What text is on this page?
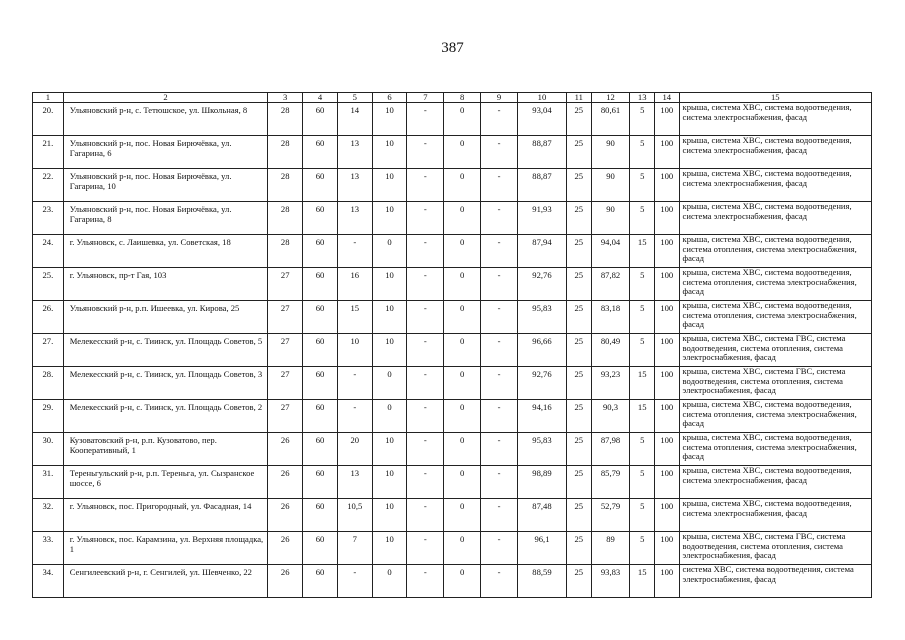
387
1	2	3	4	5	6	7	8	9	10	11	12	13	14	15
20.	Ульяновский р-н, с. Тетюшское, ул. Школьная, 8	28	60	14	10	-	0	-	93,04	25	80,61	5	100	крыша, система ХВС, система водоотведения, система электроснабжения, фасад
21.	Ульяновский р-н, пос. Новая Бирючёвка, ул. Гагарина, 6	28	60	13	10	-	0	-	88,87	25	90	5	100	крыша, система ХВС, система водоотведения, система электроснабжения, фасад
22.	Ульяновский р-н, пос. Новая Бирючёвка, ул. Гагарина, 10	28	60	13	10	-	0	-	88,87	25	90	5	100	крыша, система ХВС, система водоотведения, система электроснабжения, фасад
23.	Ульяновский р-н, пос. Новая Бирючёвка, ул. Гагарина, 8	28	60	13	10	-	0	-	91,93	25	90	5	100	крыша, система ХВС, система водоотведения, система электроснабжения, фасад
24.	г. Ульяновск, с. Лаишевка, ул. Советская, 18	28	60	-	0	-	0	-	87,94	25	94,04	15	100	крыша, система ХВС, система водоотведения, система отопления, система электроснабжения, фасад
25.	г. Ульяновск, пр-т Гая, 103	27	60	16	10	-	0	-	92,76	25	87,82	5	100	крыша, система ХВС, система водоотведения, система отопления, система электроснабжения, фасад
26.	Ульяновский р-н, р.п. Ишеевка, ул. Кирова, 25	27	60	15	10	-	0	-	95,83	25	83,18	5	100	крыша, система ХВС, система водоотведения, система отопления, система электроснабжения, фасад
27.	Мелекесский р-н, с. Тиинск, ул. Площадь Советов, 5	27	60	10	10	-	0	-	96,66	25	80,49	5	100	крыша, система ХВС, система ГВС, система водоотведения, система отопления, система электроснабжения, фасад
28.	Мелекесский р-н, с. Тиинск, ул. Площадь Советов, 3	27	60	-	0	-	0	-	92,76	25	93,23	15	100	крыша, система ХВС, система ГВС, система водоотведения, система отопления, система электроснабжения, фасад
29.	Мелекесский р-н, с. Тиинск, ул. Площадь Советов, 2	27	60	-	0	-	0	-	94,16	25	90,3	15	100	крыша, система ХВС, система водоотведения, система отопления, система электроснабжения, фасад
30.	Кузоватовский р-н, р.п. Кузоватово, пер. Кооперативный, 1	26	60	20	10	-	0	-	95,83	25	87,98	5	100	крыша, система ХВС, система водоотведения, система отопления, система электроснабжения, фасад
31.	Тереньгульский р-н, р.п. Тереньга, ул. Сызранское шоссе, 6	26	60	13	10	-	0	-	98,89	25	85,79	5	100	крыша, система ХВС, система водоотведения, система электроснабжения, фасад
32.	г. Ульяновск, пос. Пригородный, ул. Фасадная, 14	26	60	10,5	10	-	0	-	87,48	25	52,79	5	100	крыша, система ХВС, система водоотведения, система электроснабжения, фасад
33.	г. Ульяновск, пос. Карамзина, ул. Верхняя площадка, 1	26	60	7	10	-	0	-	96,1	25	89	5	100	крыша, система ХВС, система ГВС, система водоотведения, система отопления, система электроснабжения, фасад
34.	Сенгилеевский р-н, г. Сенгилей, ул. Шевченко, 22	26	60	-	0	-	0	-	88,59	25	93,83	15	100	система ХВС, система водоотведения, система электроснабжения, фасад
